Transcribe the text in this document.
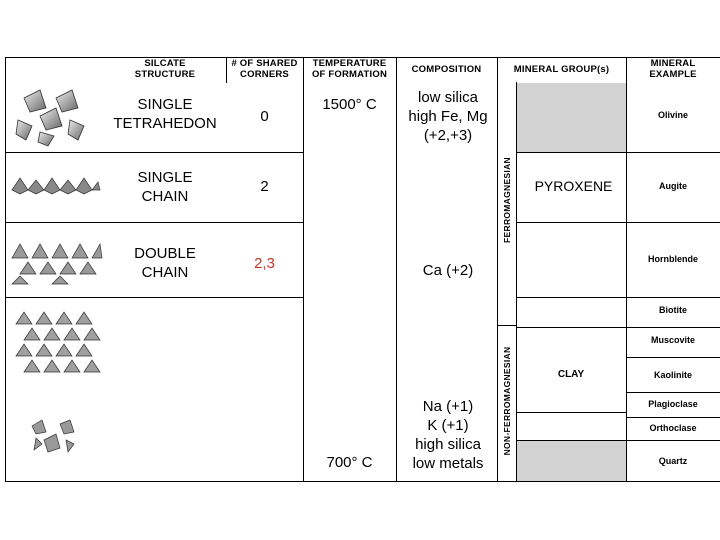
SILCATE
STRUCTURE
# OF SHARED
CORNERS
TEMPERATURE
OF FORMATION	COMPOSITION	MINERAL GROUP(s)
MINERAL
EXAMPLE
SINGLE
TETRAHEDON
SINGLE
CHAIN
DOUBLE
CHAIN
0
2
2,3
1500° C
700° C
low silica
high Fe, Mg
(+2,+3)
Ca (+2)
Na (+1)
K (+1)
high silica
low metals
FERROMAGNESIAN
NON-FERROMAGNESIAN
PYROXENE
CLAY
Olivine
Augite
Hornblende
Biotite
Muscovite
Kaolinite
Plagioclase
Orthoclase
Quartz
